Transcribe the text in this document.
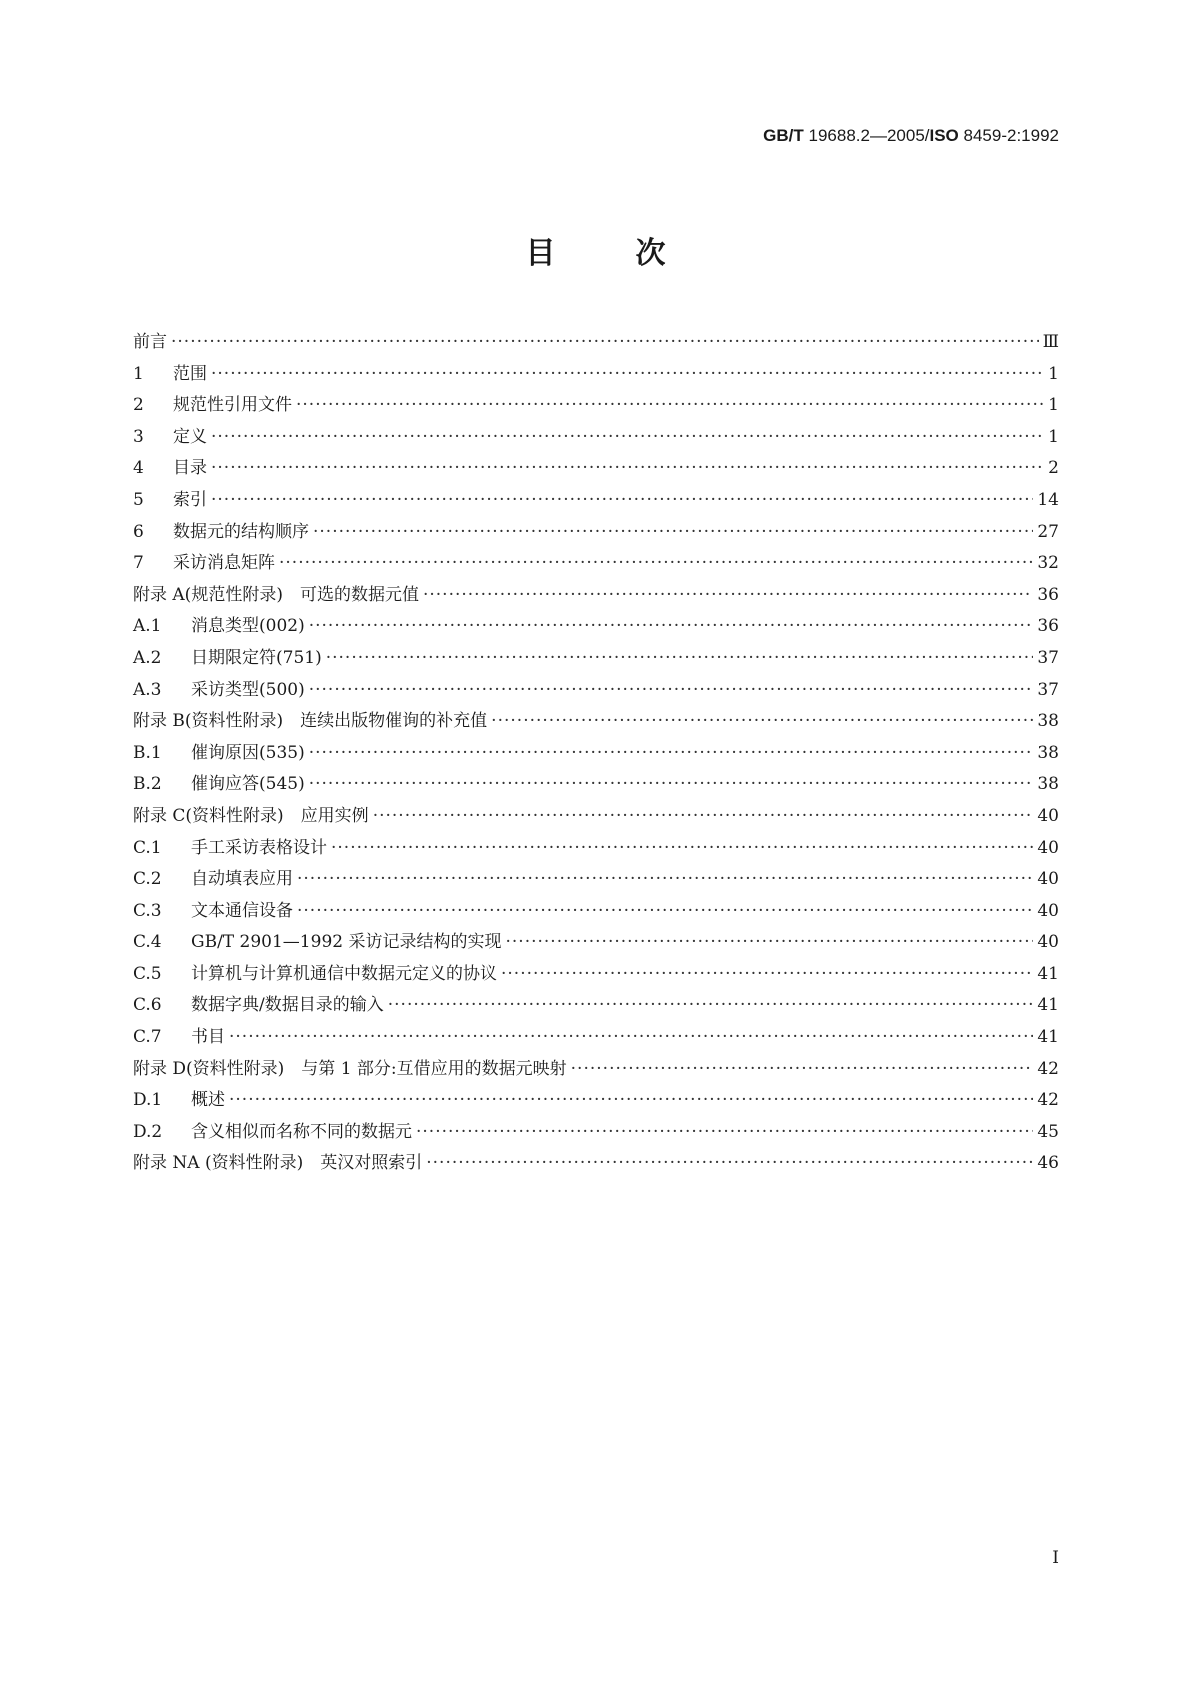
GB/T 19688.2—2005/ISO 8459-2:1992
目	次
前言 ·····	Ⅲ
1 范围 ·····	1
2 规范性引用文件 ·····	1
3 定义 ·····	1
4 目录 ·····	2
5 索引 ·····	14
6 数据元的结构顺序 ·····	27
7 采访消息矩阵 ·····	32
附录 A(规范性附录)　可选的数据元值 ·····	36
A.1 消息类型(002) ·····	36
A.2 日期限定符(751) ·····	37
A.3 采访类型(500) ·····	37
附录 B(资料性附录)　连续出版物催询的补充值 ·····	38
B.1 催询原因(535) ·····	38
B.2 催询应答(545) ·····	38
附录 C(资料性附录)　应用实例 ·····	40
C.1 手工采访表格设计 ·····	40
C.2 自动填表应用 ·····	40
C.3 文本通信设备 ·····	40
C.4 GB/T 2901—1992 采访记录结构的实现 ·····	40
C.5 计算机与计算机通信中数据元定义的协议 ·····	41
C.6 数据字典/数据目录的输入 ·····	41
C.7 书目 ·····	41
附录 D(资料性附录)　与第 1 部分:互借应用的数据元映射 ·····	42
D.1 概述 ·····	42
D.2 含义相似而名称不同的数据元 ·····	45
附录 NA (资料性附录)　英汉对照索引 ·····	46
I
